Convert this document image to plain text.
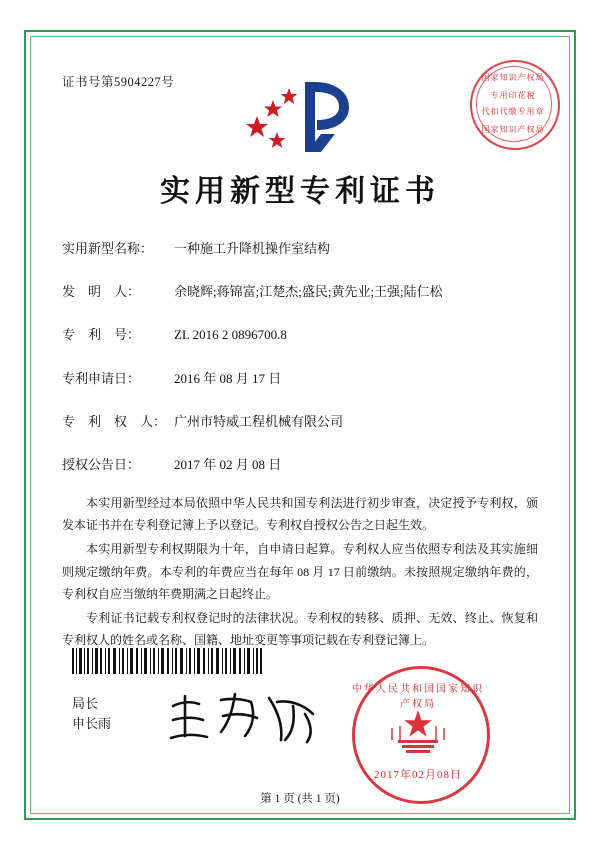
证书号第5904227号	国家知识产权局
专用印花税
代扣代缴专用章
国家知识产权局
实用新型专利证书
实用新型名称： 一种施工升降机操作室结构
发　明　人：	余晓辉;蒋锦富;江楚杰;盛民;黄先业;王强;陆仁松
专　利　号：	ZL 2016 2 0896700.8
专利申请日：	2016 年 08 月 17 日
专　利　权　人： 广州市特威工程机械有限公司
授权公告日：	2017 年 02 月 08 日

本实用新型经过本局依照中华人民共和国专利法进行初步审查，决定授予专利权，颁发本证书并在专利登记簿上予以登记。专利权自授权公告之日起生效。

本实用新型专利权期限为十年，自申请日起算。专利权人应当依照专利法及其实施细则规定缴纳年费。本专利的年费应当在每年 08 月 17 日前缴纳。未按照规定缴纳年费的，专利权自应当缴纳年费期满之日起终止。

专利证书记载专利权登记时的法律状况。专利权的转移、质押、无效、终止、恢复和专利权人的姓名或名称、国籍、地址变更等事项记载在专利登记簿上。

局长
申长雨
中华人民共和国国家知识产权局
2017年02月08日
第 1 页 (共 1 页)
